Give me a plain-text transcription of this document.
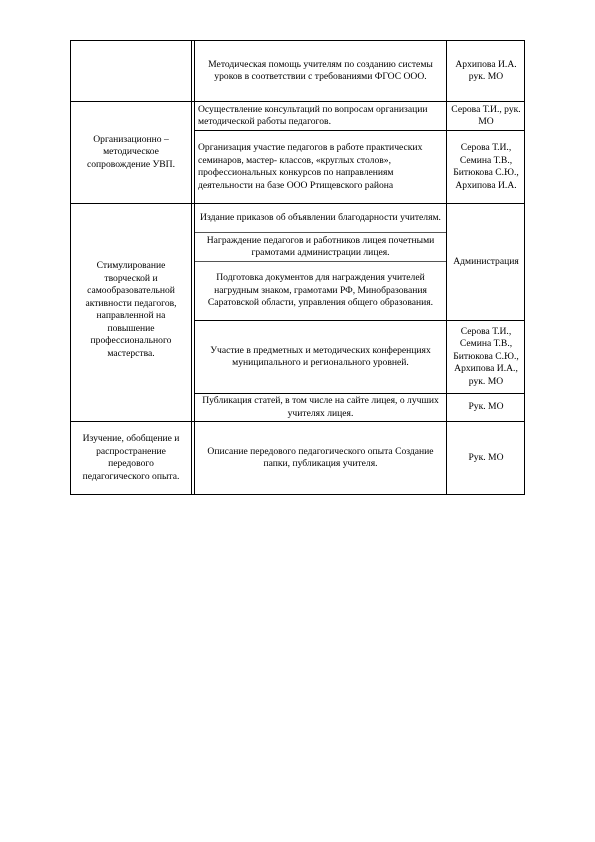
Методическая помощь учителям по созданию системы уроков в соответствии с требованиями ФГОС ООО.
Архипова И.А. рук. МО
Организационно – методическое сопровождение УВП.
Осуществление консультаций по вопросам организации методической работы педагогов.
Серова Т.И., рук. МО
Организация участие педагогов в работе практических семинаров, мастер- классов, «круглых столов», профессиональных конкурсов по направлениям деятельности на базе ООО Ртищевского района
Серова Т.И., Семина Т.В., Битюкова С.Ю., Архипова И.А.
Стимулирование творческой и самообразовательной активности педагогов, направленной на повышение профессионального мастерства.
Издание приказов об объявлении благодарности учителям.
Награждение педагогов и работников лицея почетными грамотами администрации лицея.
Подготовка документов для награждения учителей нагрудным знаком, грамотами РФ, Минобразования Саратовской области, управления общего образования.
Администрация
Участие в предметных и методических конференциях муниципального и регионального уровней.
Серова Т.И., Семина Т.В., Битюкова С.Ю., Архипова И.А., рук. МО
Публикация статей, в том числе на сайте лицея, о лучших учителях лицея.
Рук. МО
Изучение, обобщение и распространение передового педагогического опыта.
Описание передового педагогического опыта Создание папки, публикация учителя.
Рук. МО
